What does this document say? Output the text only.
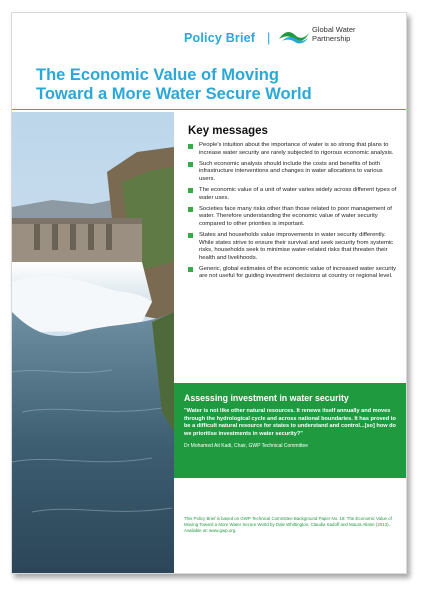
Policy Brief |
Global Water
Partnership
The Economic Value of Moving
Toward a More Water Secure World
Key messages
People's intuition about the importance of water is so strong that plans to increase water security are rarely subjected to rigorous economic analysis.
Such economic analysis should include the costs and benefits of both infrastructure interventions and changes in water allocations to various users.
The economic value of a unit of water varies widely across different types of water uses.
Societies face many risks other than those related to poor management of water. Therefore understanding the economic value of water security compared to other priorities is important.
States and households value improvements in water security differently. While states strive to ensure their survival and seek security from systemic risks, households seek to minimise water-related risks that threaten their health and livelihoods.
Generic, global estimates of the economic value of increased water security are not useful for guiding investment decisions at country or regional level.
Assessing investment in water security
"Water is not like other natural resources. It renews itself annually and moves through the hydrological cycle and across national boundaries. It has proved to be a difficult natural resource for states to understand and control...[so] how do we prioritise investments in water security?"
Dr Mohamed Ait Kadi, Chair, GWP Technical Committee
This Policy Brief is based on GWP Technical Committee Background Paper No. 18: The Economic Value of Moving Toward a More Water Secure World by Dale Whittington, Claudia Sadoff and Maura Allaire (2013). Available at: www.gwp.org.
